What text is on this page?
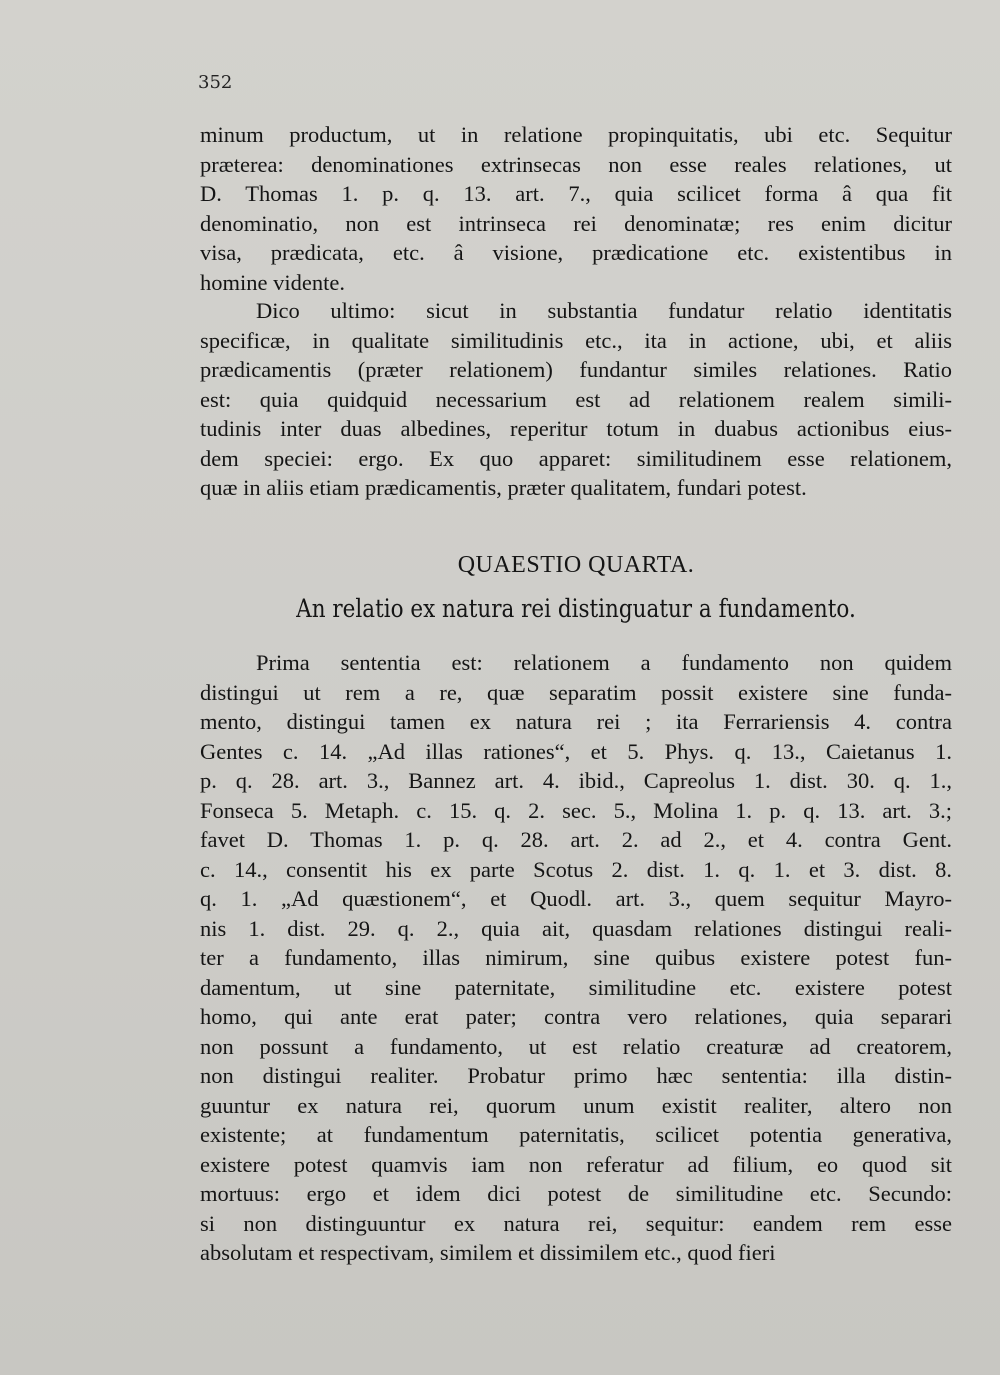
352
minum productum, ut in relatione propinquitatis, ubi etc. Sequitur
præterea: denominationes extrinsecas non esse reales relationes, ut
D. Thomas 1. p. q. 13. art. 7., quia scilicet forma â qua fit
denominatio, non est intrinseca rei denominatæ; res enim dicitur
visa, prædicata, etc. â visione, prædicatione etc. existentibus in
homine vidente.
Dico ultimo: sicut in substantia fundatur relatio identitatis
specificæ, in qualitate similitudinis etc., ita in actione, ubi, et aliis
prædicamentis (præter relationem) fundantur similes relationes. Ratio
est: quia quidquid necessarium est ad relationem realem simili-
tudinis inter duas albedines, reperitur totum in duabus actionibus eius-
dem speciei: ergo. Ex quo apparet: similitudinem esse relationem,
quæ in aliis etiam prædicamentis, præter qualitatem, fundari potest.
QUAESTIO QUARTA.
An relatio ex natura rei distinguatur a fundamento.
Prima sententia est: relationem a fundamento non quidem
distingui ut rem a re, quæ separatim possit existere sine funda-
mento, distingui tamen ex natura rei ; ita Ferrariensis 4. contra
Gentes c. 14. „Ad illas rationes“, et 5. Phys. q. 13., Caietanus 1.
p. q. 28. art. 3., Bannez art. 4. ibid., Capreolus 1. dist. 30. q. 1.,
Fonseca 5. Metaph. c. 15. q. 2. sec. 5., Molina 1. p. q. 13. art. 3.;
favet D. Thomas 1. p. q. 28. art. 2. ad 2., et 4. contra Gent.
c. 14., consentit his ex parte Scotus 2. dist. 1. q. 1. et 3. dist. 8.
q. 1. „Ad quæstionem“, et Quodl. art. 3., quem sequitur Mayro-
nis 1. dist. 29. q. 2., quia ait, quasdam relationes distingui reali-
ter a fundamento, illas nimirum, sine quibus existere potest fun-
damentum, ut sine paternitate, similitudine etc. existere potest
homo, qui ante erat pater; contra vero relationes, quia separari
non possunt a fundamento, ut est relatio creaturæ ad creatorem,
non distingui realiter. Probatur primo hæc sententia: illa distin-
guuntur ex natura rei, quorum unum existit realiter, altero non
existente; at fundamentum paternitatis, scilicet potentia generativa,
existere potest quamvis iam non referatur ad filium, eo quod sit
mortuus: ergo et idem dici potest de similitudine etc. Secundo:
si non distinguuntur ex natura rei, sequitur: eandem rem esse
absolutam et respectivam, similem et dissimilem etc., quod fieri
